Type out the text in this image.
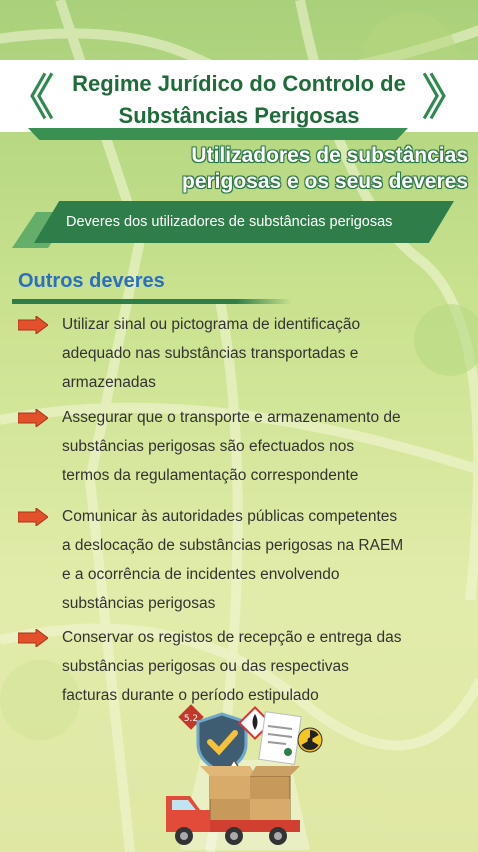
《	》
Regime Jurídico do Controlo de
Substâncias Perigosas
Utilizadores de substâncias
perigosas e os seus deveres
Deveres dos utilizadores de substâncias perigosas
Outros deveres
Utilizar sinal ou pictograma de identificação
adequado nas substâncias transportadas e
armazenadas
Assegurar que o transporte e armazenamento de
substâncias perigosas são efectuados nos
termos da regulamentação correspondente
Comunicar às autoridades públicas competentes
a deslocação de substâncias perigosas na RAEM
e a ocorrência de incidentes envolvendo
substâncias perigosas
Conservar os registos de recepção e entrega das
substâncias perigosas ou das respectivas
facturas durante o período estipulado
5.2
